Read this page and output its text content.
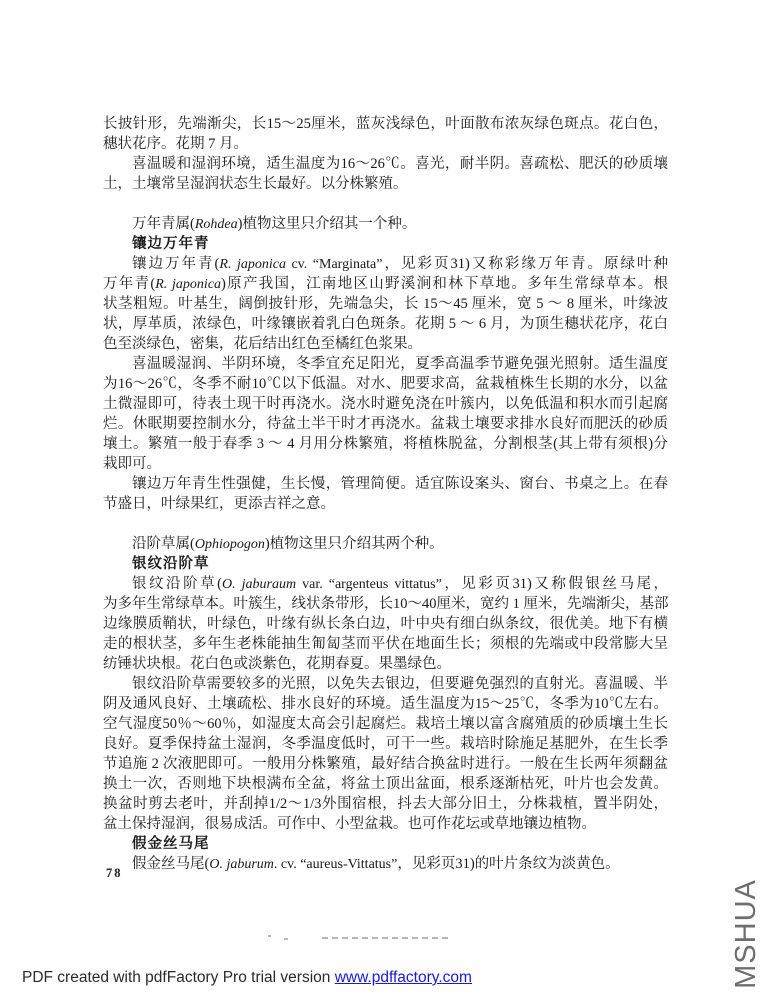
长披针形，先端渐尖，长15～25厘米，蓝灰浅绿色，叶面散布浓灰绿色斑点。花白色，
穗状花序。花期 7 月。
喜温暖和湿润环境，适生温度为16～26℃。喜光，耐半阴。喜疏松、肥沃的砂质壤
土，土壤常呈湿润状态生长最好。以分株繁殖。
万年青属(Rohdea)植物这里只介绍其一个种。
镶边万年青
镶边万年青(R. japonica cv. “Marginata”，见彩页31)又称彩缘万年青。原绿叶种
万年青(R. japonica)原产我国，江南地区山野溪涧和林下草地。多年生常绿草本。根
状茎粗短。叶基生，阔倒披针形，先端急尖，长 15～45 厘米，宽 5 ～ 8 厘米，叶缘波
状，厚革质，浓绿色，叶缘镶嵌着乳白色斑条。花期 5 ～ 6 月，为顶生穗状花序，花白
色至淡绿色，密集，花后结出红色至橘红色浆果。
喜温暖湿润、半阴环境，冬季宜充足阳光，夏季高温季节避免强光照射。适生温度
为16～26℃，冬季不耐10℃以下低温。对水、肥要求高，盆栽植株生长期的水分，以盆
土微湿即可，待表土现干时再浇水。浇水时避免浇在叶簇内，以免低温和积水而引起腐
烂。休眠期要控制水分，待盆土半干时才再浇水。盆栽土壤要求排水良好而肥沃的砂质
壤土。繁殖一般于春季 3 ～ 4 月用分株繁殖，将植株脱盆，分割根茎(其上带有须根)分
栽即可。
镶边万年青生性强健，生长慢，管理简便。适宜陈设案头、窗台、书桌之上。在春
节盛日，叶绿果红，更添吉祥之意。
沿阶草属(Ophiopogon)植物这里只介绍其两个种。
银纹沿阶草
银纹沿阶草(O. jaburaum var. “argenteus vittatus”，见彩页31)又称假银丝马尾，
为多年生常绿草本。叶簇生，线状条带形，长10～40厘米，宽约 1 厘米，先端渐尖，基部
边缘膜质鞘状，叶绿色，叶缘有纵长条白边，叶中央有细白纵条纹，很优美。地下有横
走的根状茎，多年生老株能抽生匍匐茎而平伏在地面生长；须根的先端或中段常膨大呈
纺锤状块根。花白色或淡紫色，花期春夏。果墨绿色。
银纹沿阶草需要较多的光照，以免失去银边，但要避免强烈的直射光。喜温暖、半
阴及通风良好、土壤疏松、排水良好的环境。适生温度为15～25℃，冬季为10℃左右。
空气湿度50％～60％，如湿度太高会引起腐烂。栽培土壤以富含腐殖质的砂质壤土生长
良好。夏季保持盆土湿润，冬季温度低时，可干一些。栽培时除施足基肥外，在生长季
节追施 2 次液肥即可。一般用分株繁殖，最好结合换盆时进行。一般在生长两年须翻盆
换土一次，否则地下块根满布全盆，将盆土顶出盆面，根系逐渐枯死，叶片也会发黄。
换盆时剪去老叶，并刮掉1/2～1/3外围宿根，抖去大部分旧土，分株栽植，置半阴处，
盆土保持湿润，很易成活。可作中、小型盆栽。也可作花坛或草地镶边植物。
假金丝马尾
假金丝马尾(O. jaburum. cv. “aureus-Vittatus”，见彩页31)的叶片条纹为淡黄色。
78
MSHUA
PDF created with pdfFactory Pro trial version www.pdffactory.com
